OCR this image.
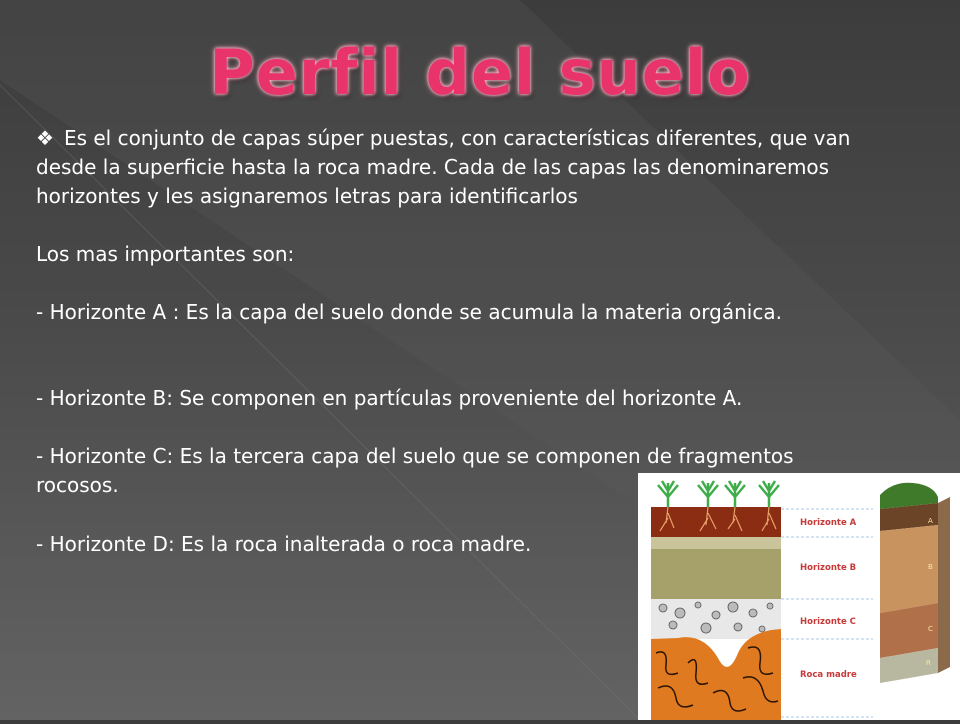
Perfil del suelo
❖ Es el conjunto de capas súper puestas, con características diferentes, que van desde la superficie hasta la roca madre. Cada de las capas las denominaremos horizontes y les asignaremos letras para identificarlos
Los mas importantes son:
- Horizonte A : Es la capa del suelo donde se acumula la materia orgánica.
- Horizonte B: Se componen en partículas proveniente del horizonte A.
- Horizonte C: Es la tercera capa del suelo que se componen de fragmentos rocosos.
- Horizonte D: Es la roca inalterada o roca madre.
Horizonte A
Horizonte B
Horizonte C
Roca madre
A
B
C
R
